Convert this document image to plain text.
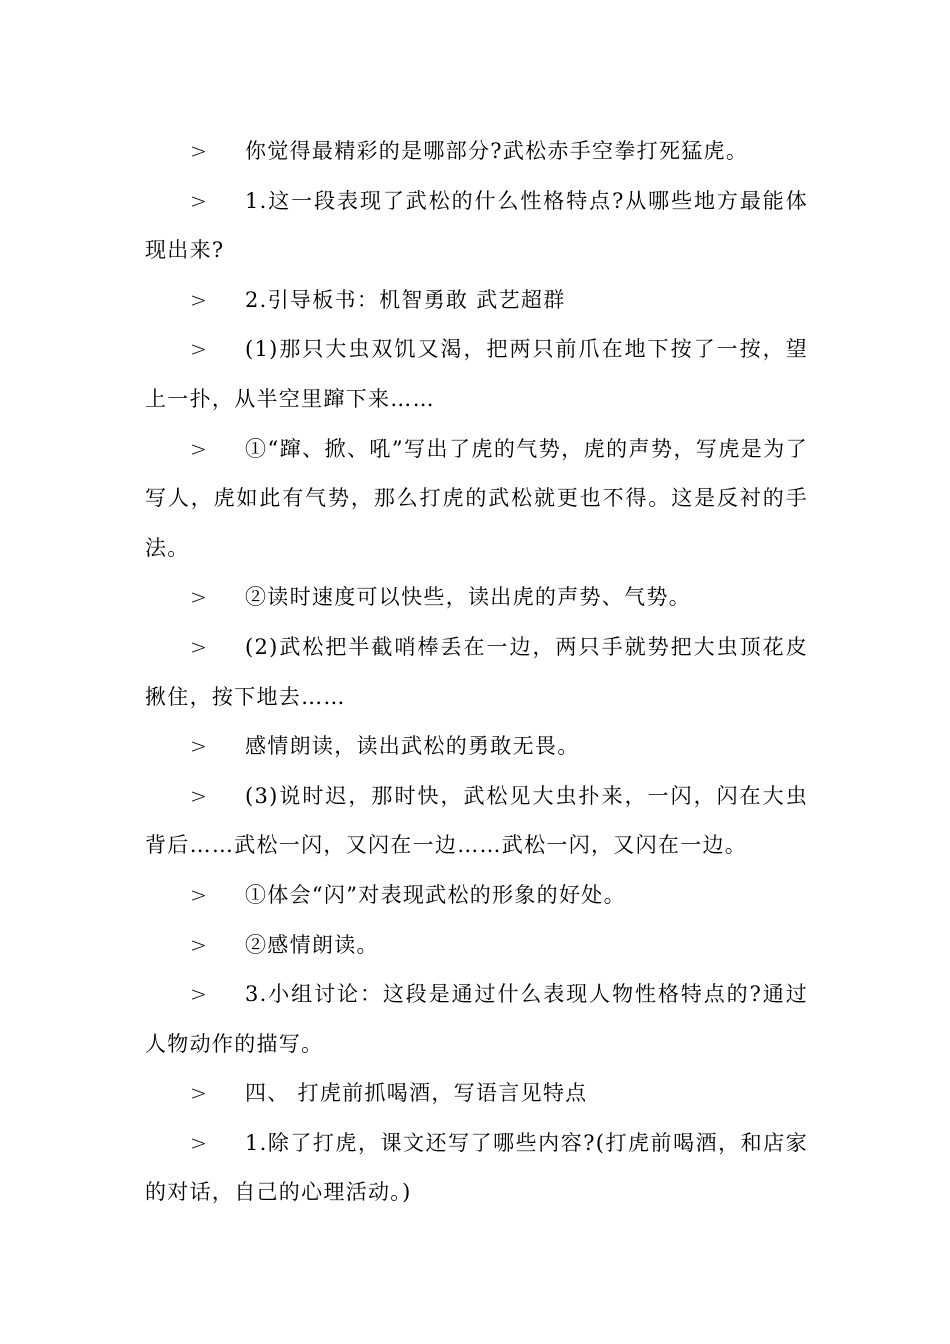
> 你觉得最精彩的是哪部分?武松赤手空拳打死猛虎。

> 1.这一段表现了武松的什么性格特点?从哪些地方最能体现出来?

> 2.引导板书：机智勇敢 武艺超群

> (1)那只大虫双饥又渴，把两只前爪在地下按了一按，望上一扑，从半空里蹿下来……

> ①“蹿、掀、吼”写出了虎的气势，虎的声势，写虎是为了写人，虎如此有气势，那么打虎的武松就更也不得。这是反衬的手法。

> ②读时速度可以快些，读出虎的声势、气势。

> (2)武松把半截哨棒丢在一边，两只手就势把大虫顶花皮揪住，按下地去……

> 感情朗读，读出武松的勇敢无畏。

> (3)说时迟，那时快，武松见大虫扑来，一闪，闪在大虫背后……武松一闪，又闪在一边……武松一闪，又闪在一边。

> ①体会“闪”对表现武松的形象的好处。

> ②感情朗读。

> 3.小组讨论：这段是通过什么表现人物性格特点的?通过人物动作的描写。

> 四、 打虎前抓喝酒，写语言见特点

> 1.除了打虎，课文还写了哪些内容?(打虎前喝酒，和店家的对话，自己的心理活动。)
